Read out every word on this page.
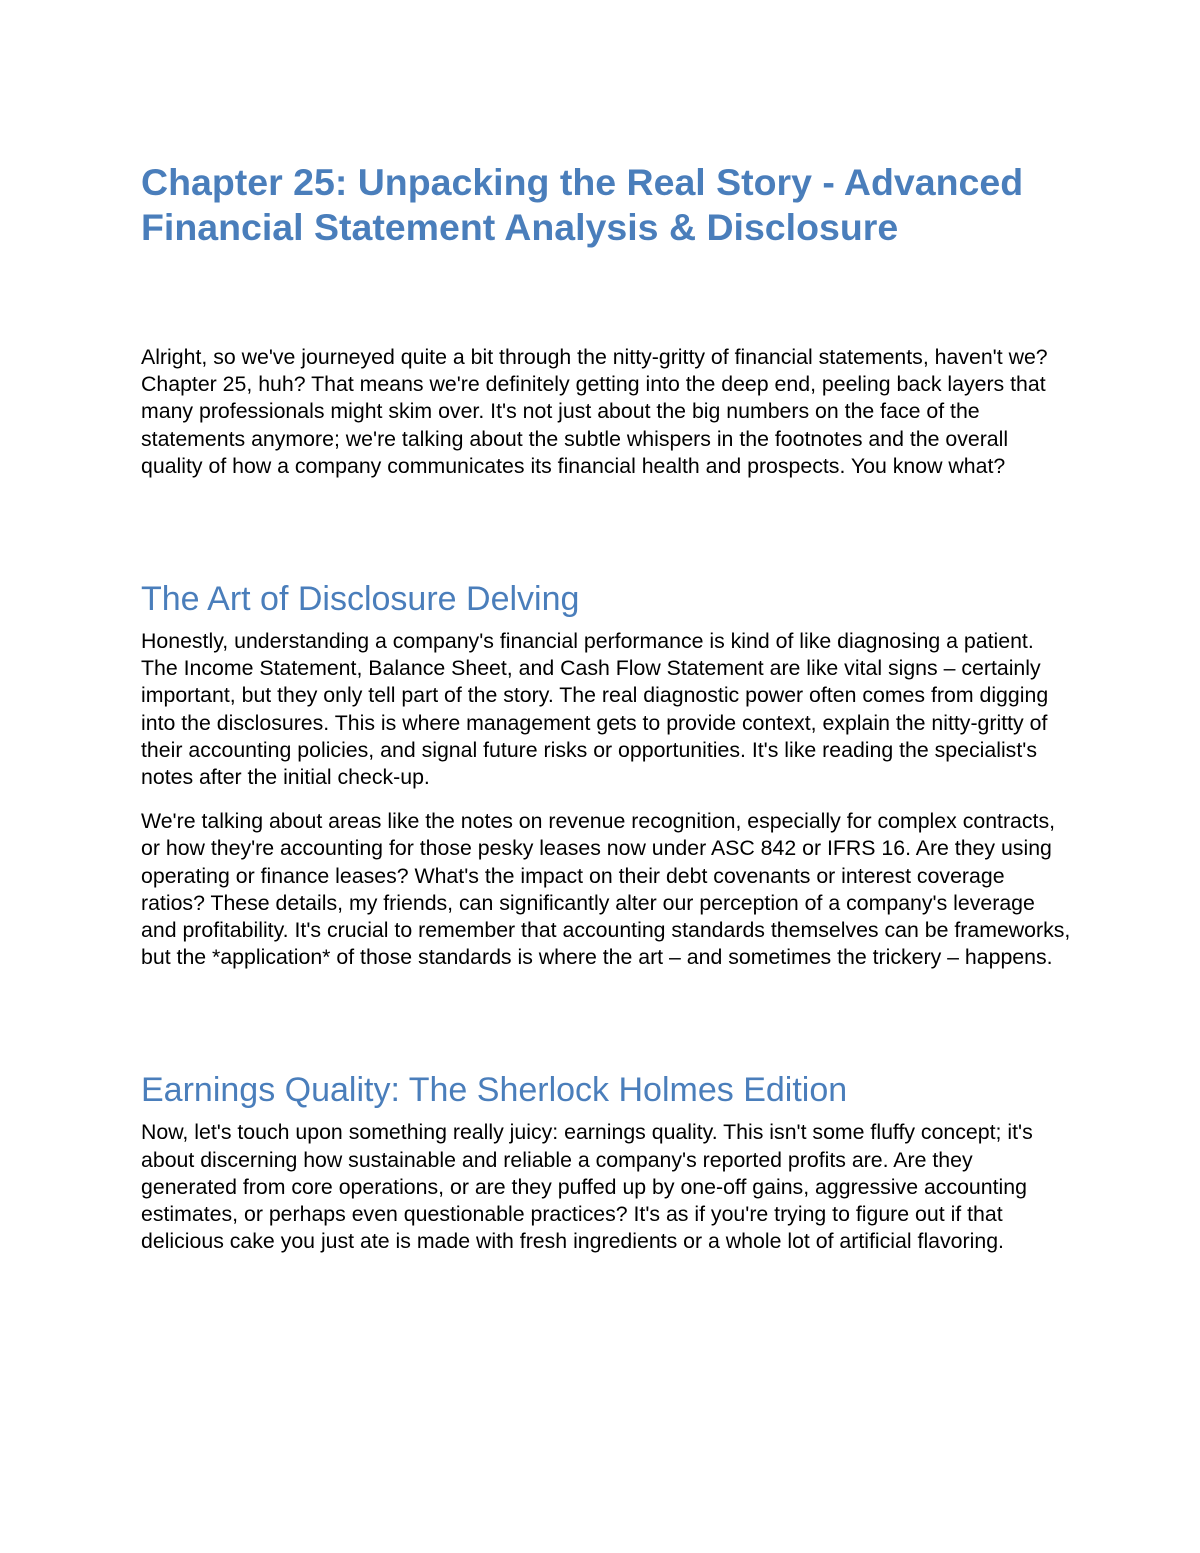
Chapter 25: Unpacking the Real Story - Advanced Financial Statement Analysis & Disclosure

Alright, so we've journeyed quite a bit through the nitty-gritty of financial statements, haven't we? Chapter 25, huh? That means we're definitely getting into the deep end, peeling back layers that many professionals might skim over. It's not just about the big numbers on the face of the statements anymore; we're talking about the subtle whispers in the footnotes and the overall quality of how a company communicates its financial health and prospects. You know what?

The Art of Disclosure Delving

Honestly, understanding a company's financial performance is kind of like diagnosing a patient. The Income Statement, Balance Sheet, and Cash Flow Statement are like vital signs – certainly important, but they only tell part of the story. The real diagnostic power often comes from digging into the disclosures. This is where management gets to provide context, explain the nitty-gritty of their accounting policies, and signal future risks or opportunities. It's like reading the specialist's notes after the initial check-up.

We're talking about areas like the notes on revenue recognition, especially for complex contracts, or how they're accounting for those pesky leases now under ASC 842 or IFRS 16. Are they using operating or finance leases? What's the impact on their debt covenants or interest coverage ratios? These details, my friends, can significantly alter our perception of a company's leverage and profitability. It's crucial to remember that accounting standards themselves can be frameworks, but the *application* of those standards is where the art – and sometimes the trickery – happens.

Earnings Quality: The Sherlock Holmes Edition

Now, let's touch upon something really juicy: earnings quality. This isn't some fluffy concept; it's about discerning how sustainable and reliable a company's reported profits are. Are they generated from core operations, or are they puffed up by one-off gains, aggressive accounting estimates, or perhaps even questionable practices? It's as if you're trying to figure out if that delicious cake you just ate is made with fresh ingredients or a whole lot of artificial flavoring.
